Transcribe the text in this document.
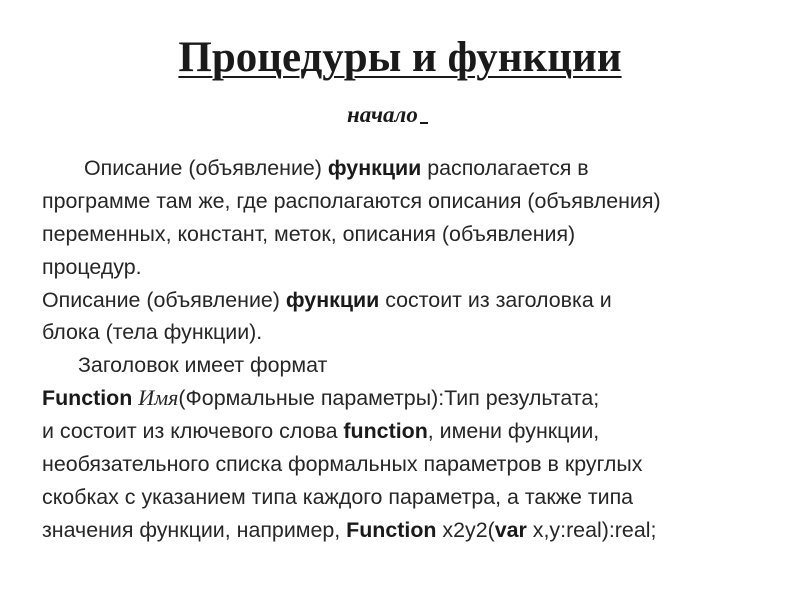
Процедуры и функции
начало
Описание (объявление) функции располагается в
программе там же, где располагаются описания (объявления)
переменных, констант, меток, описания (объявления)
процедур.
Описание (объявление) функции состоит из заголовка и
блока (тела функции).
Заголовок имеет формат
Function Имя(Формальные параметры):Тип результата;
и состоит из ключевого слова function, имени функции,
необязательного списка формальных параметров в круглых
скобках с указанием типа каждого параметра, а также типа
значения функции, например, Function x2y2(var x,y:real):real;
